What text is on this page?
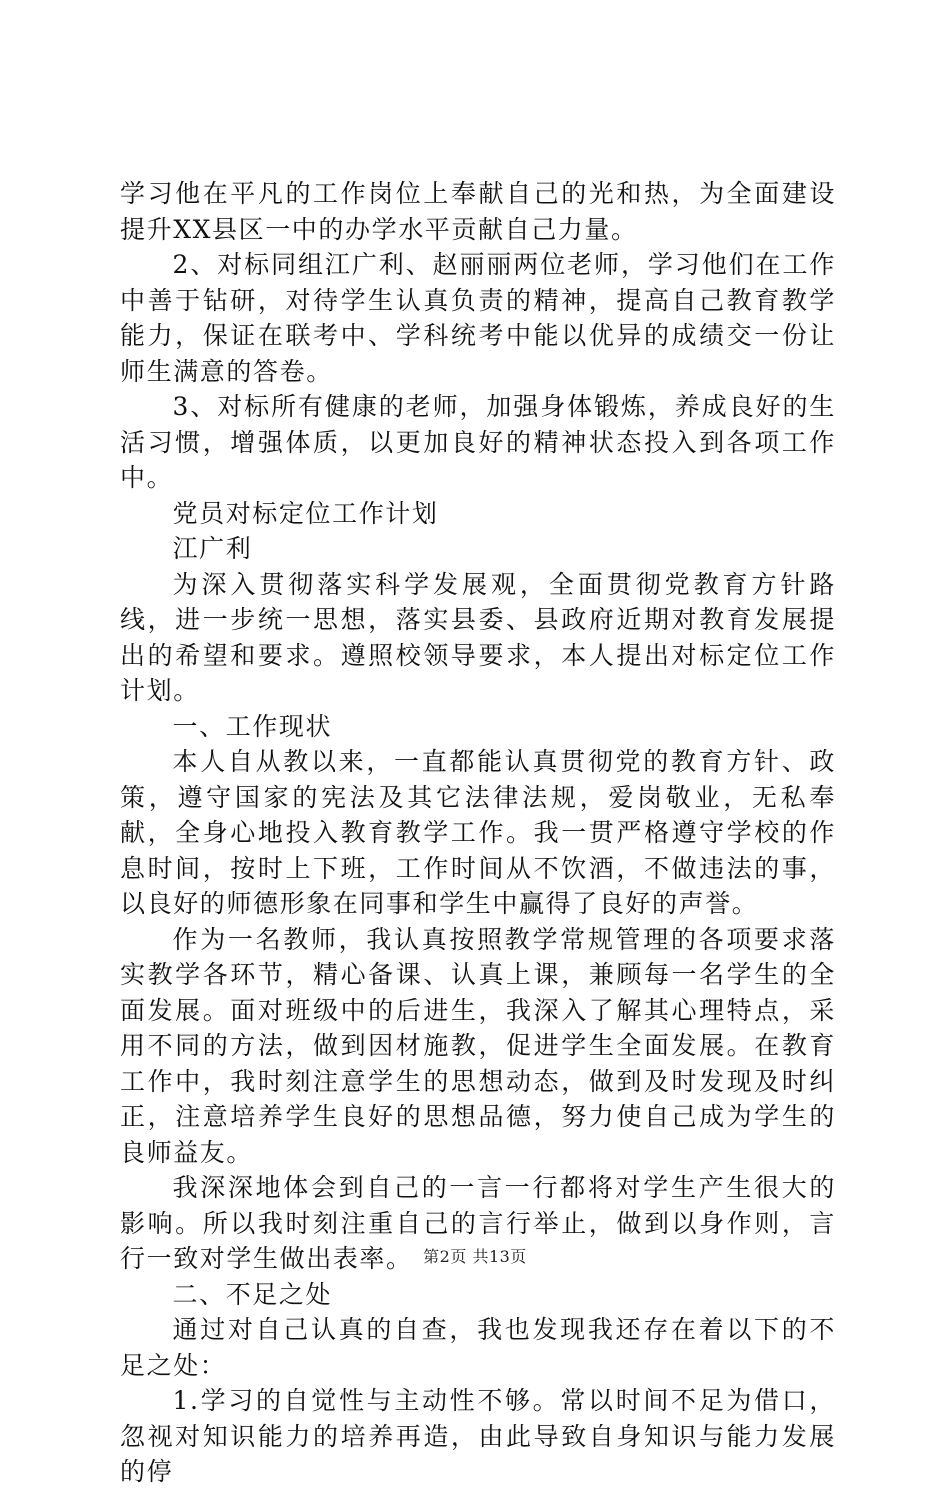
学习他在平凡的工作岗位上奉献自己的光和热，为全面建设提升XX县区一中的办学水平贡献自己力量。

2、对标同组江广利、赵丽丽两位老师，学习他们在工作中善于钻研，对待学生认真负责的精神，提高自己教育教学能力，保证在联考中、学科统考中能以优异的成绩交一份让师生满意的答卷。

3、对标所有健康的老师，加强身体锻炼，养成良好的生活习惯，增强体质，以更加良好的精神状态投入到各项工作中。

党员对标定位工作计划

江广利

为深入贯彻落实科学发展观，全面贯彻党教育方针路线，进一步统一思想，落实县委、县政府近期对教育发展提出的希望和要求。遵照校领导要求，本人提出对标定位工作计划。

一、工作现状

本人自从教以来，一直都能认真贯彻党的教育方针、政策，遵守国家的宪法及其它法律法规，爱岗敬业，无私奉献，全身心地投入教育教学工作。我一贯严格遵守学校的作息时间，按时上下班，工作时间从不饮酒，不做违法的事，以良好的师德形象在同事和学生中赢得了良好的声誉。

作为一名教师，我认真按照教学常规管理的各项要求落实教学各环节，精心备课、认真上课，兼顾每一名学生的全面发展。面对班级中的后进生，我深入了解其心理特点，采用不同的方法，做到因材施教，促进学生全面发展。在教育工作中，我时刻注意学生的思想动态，做到及时发现及时纠正，注意培养学生良好的思想品德，努力使自己成为学生的良师益友。

我深深地体会到自己的一言一行都将对学生产生很大的影响。所以我时刻注重自己的言行举止，做到以身作则，言行一致对学生做出表率。

二、不足之处

通过对自己认真的自查，我也发现我还存在着以下的不足之处：

1.学习的自觉性与主动性不够。常以时间不足为借口，忽视对知识能力的培养再造，由此导致自身知识与能力发展的停

第2页 共13页
